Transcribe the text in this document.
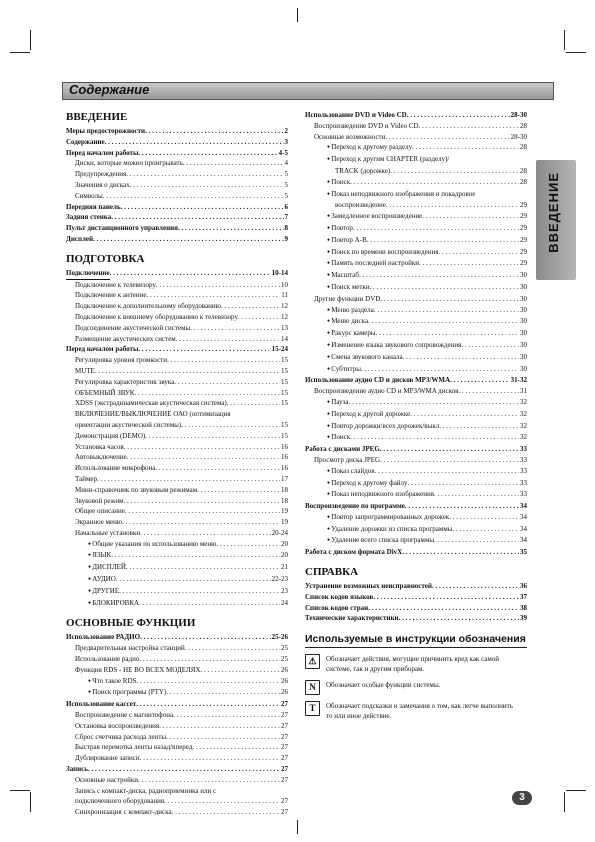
Содержание
ВВЕДЕНИЕ
ВВЕДЕНИЕ
Меры предосторожности . . .	2
Содержание . . .	3
Перед началом работы . . .	4-5
Диски, которые можно проигрывать . . .	4
Предупреждения . . .	5
Значения о дисках . . .	5
Символы . . .	5
Передняя панель . . .	6
Задняя стенка . . .	7
Пульт дистанционного управления . . .	8
Дисплей . . .	9
ПОДГОТОВКА
Подключение . . .	10-14
Подключение к телевизору . . .	10
Подключение к антенне . . .	11
Подключение к дополнительному оборудованию . . .	12
Подключение к внешнему оборудованию к телевизору . . .	12
Подсоединение акустической системы . . .	13
Размещение акустических систем . . .	14
Перед началом работы . . .	15-24
Регулировка уровня громкости . . .	15
MUTE . . .	15
Регулировка характеристик звука . . .	15
ОБЪЕМНЫЙ ЗВУК . . .	15
XDSS (экстрадинамическая акустическая система) . . .	15
ВКЛЮЧЕНИЕ/ВЫКЛЮЧЕНИЕ ОАО (оптимизация
ориентации акустической системы) . . .	15
Демонстрация (DEMO) . . .	15
Установка часов . . .	16
Автовыключение . . .	16
Использование микрофона . . .	16
Таймер . . .	17
Мини-справочник по звуковым режимам . . .	18
Звуковой режим . . .	18
Общее описание . . .	19
Экранное меню . . .	19
Начальные установки . . .	20-24
● Общие указания по использованию меню . . .	20
● ЯЗЫК . . .	20
● ДИСПЛЕЙ . . .	21
● АУДИО . . .	22-23
● ДРУГИЕ . . .	23
● БЛОКИРОВКА . . .	24
ОСНОВНЫЕ ФУНКЦИИ
Использование РАДИО . . .	25-26
Предварительная настройка станций . . .	25
Использование радио . . .	25
Функция RDS - НЕ ВО ВСЕХ МОДЕЛЯХ . . .	26
● Что такое RDS . . .	26
● Поиск программы (PTY) . . .	26
Использование кассет . . .	27
Воспроизведение с магнитофона . . .	27
Остановка воспроизведения . . .	27
Сброс счетчика расхода ленты . . .	27
Быстрая перемотка ленты назад/вперед . . .	27
Дублирование записи . . .	27
Запись . . .	27
Основные настройки . . .	27
Запись с компакт-диска, радиоприемника или с
подключенного оборудования . . .	27
Синхронизация с компакт-диска . . .	27
Использование DVD и Video CD . . .	28-30
Воспроизведение DVD и Video CD . . .	28
Основные возможности . . .	28-30
● Переход к другому разделу . . .	28
● Переход к другим CHAPTER (разделу)/
TRACK (дорожке) . . .	28
● Поиск . . .	28
● Показ неподвижного изображения и покадровое
воспроизведение . . .	29
● Замедленное воспроизведение . . .	29
● Повтор . . .	29
● Повтор A-B . . .	29
● Поиск по времени воспроизведения . . .	29
● Память последней настройки . . .	29
● Масштаб . . .	30
● Поиск метки . . .	30
Другие функции DVD . . .	30
● Меню раздела . . .	30
● Меню диска . . .	30
● Ракурс камеры . . .	30
● Изменение языка звукового сопровождения . . .	30
● Смена звукового канала . . .	30
● Субтитры . . .	30
Использование аудио CD и дисков MP3/WMA . . .	31-32
Воспроизведение аудио CD и MP3/WMA дисков . . .	31
● Пауза . . .	32
● Переход к другой дорожке . . .	32
● Повтор дорожки/всех дорожек/выкл . . .	32
● Поиск . . .	32
Работа с дисками JPEG . . .	33
Просмотр диска JPEG . . .	33
● Показ слайдов . . .	33
● Переход к другому файлу . . .	33
● Показ неподвижного изображения . . .	33
Воспроизведение по программе . . .	34
● Повтор запрограммированных дорожек . . .	34
● Удаление дорожки из списка программы . . .	34
● Удаление всего списка программы . . .	34
Работа с диском формата DivX . . .	35
СПРАВКА
Устранение возможных неисправностей . . .	36
Список кодов языков . . .	37
Список кодов стран . . .	38
Технические характеристики . . .	39
Используемые в инструкции обозначения
⚠	Обозначает действия, могущие причинить вред как самой системе, так и другим приборам.
N	Обозначает особые функции системы.
T	Обозначает подсказки и замечания о том, как легче выполнить то или иное действие.
3
